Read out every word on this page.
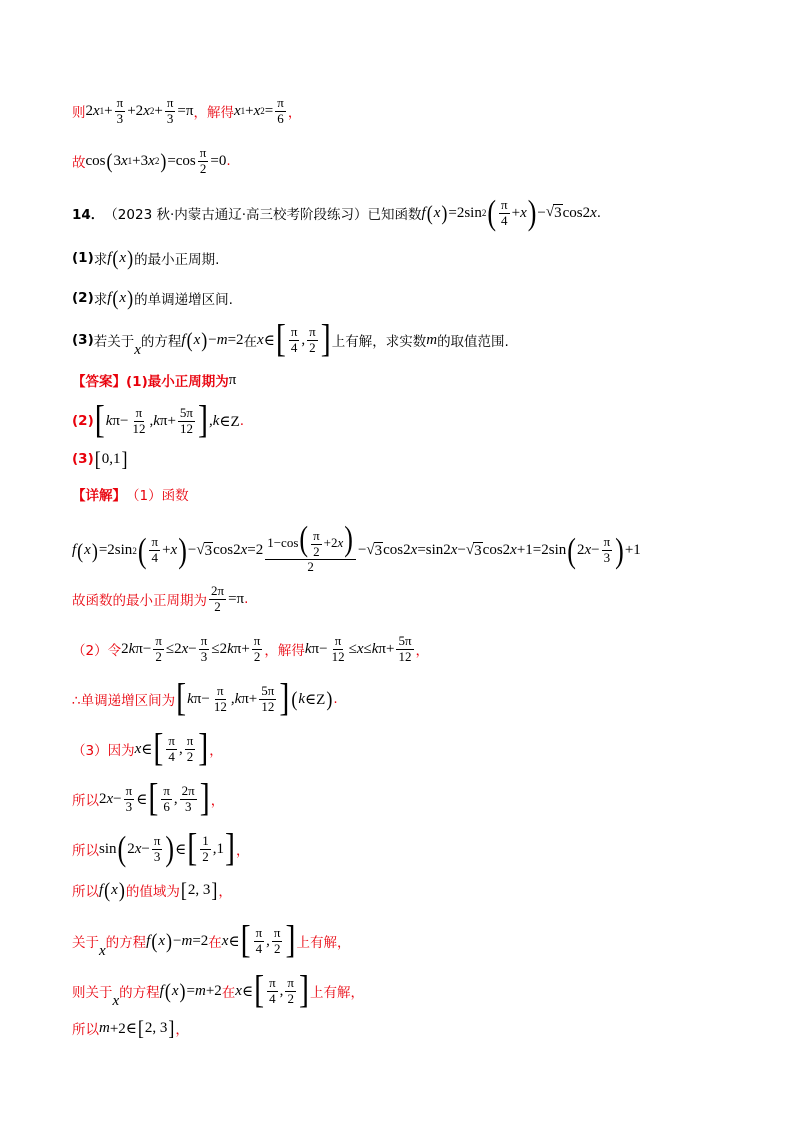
则 2 x $1 + \frac{\pi}{3} +2$ x $2 + \frac{\pi}{3} =\pi$ ，解得 x 1 + x $2 = \frac{\pi}{6}$ ，
故 cos ( 3 x 1 +3 x 2 ) $=\cos \frac{\pi}{2} =0$ .
14． （2023 秋·内蒙古通辽·高三校考阶段练习）已知函数 f ( x ) =2sin 2 ( $\frac{\pi}{4} + x$ ) − √ 3 cos2 x .
(1) 求 f ( x ) 的最小正周期.
(2) 求 f ( x ) 的单调递增区间.
(3) 若关于 x 的方程 f ( x ) − m =2 在 x ∈ [ $\frac{\pi}{4}$ , $\frac{\pi}{2}$ ] 上有解，求实数 m 的取值范围.
【答案】 (1)最小正周期为 π
(2) [ k $\pi- \frac{\pi}{12}$ , k $\pi+ \frac{5\pi}{12}$ ] , k ∈Z .
(3) [ 0,1 ]
【详解】 （1）函数
f ( x ) =2sin 2 ( $\frac{\pi}{4} + x$ ) − √ 3 cos2 $x =2 \frac{1-\cos( \frac{\pi}{2} +2x)}{2}$ − √ 3 cos2 x =sin2 x − √ 3 cos2 x +1=2sin ( 2 $x - \frac{\pi}{3}$ ) +1
故函数的最小正周期为 $\frac{2\pi}{2} =\pi$ .
（2）令 2 k $\pi- \frac{\pi}{2} \le 2$ $x - \frac{\pi}{3} \le 2$ k $\pi+ \frac{\pi}{2}$ ，解得 k $\pi- \frac{\pi}{12} \le x \le k$ $\pi+ \frac{5\pi}{12}$ ，
∴单调递增区间为 [ k $\pi- \frac{\pi}{12}$ , k $\pi+ \frac{5\pi}{12}$ ] ( k ∈Z ) .
（3）因为 x ∈ [ $\frac{\pi}{4}$ , $\frac{\pi}{2}$ ] ，
所以 2 $x - \frac{\pi}{3}$ ∈ [ $\frac{\pi}{6}$ , $\frac{2\pi}{3}$ ] ，
所以 sin ( 2 $x - \frac{\pi}{3}$ ) ∈ [ $\frac{1}{2} ,1$ ] ，
所以 f ( x ) 的值域为 [ 2, 3 ] ，
关于 x 的方程 f ( x ) − m =2 在 x ∈ [ $\frac{\pi}{4}$ , $\frac{\pi}{2}$ ] 上有解，
则关于 x 的方程 f ( x ) = m +2 在 x ∈ [ $\frac{\pi}{4}$ , $\frac{\pi}{2}$ ] 上有解，
所以 m +2∈ [ 2, 3 ] ，
